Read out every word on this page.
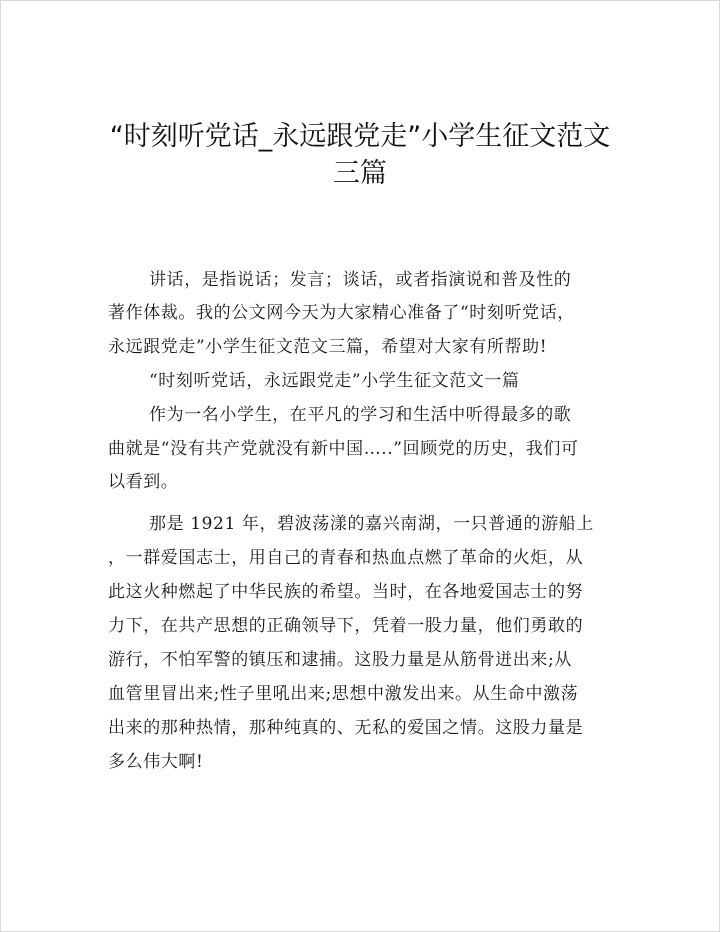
“时刻听党话_永远跟党走”小学生征文范文
三篇
讲话，是指说话；发言；谈话，或者指演说和普及性的
著作体裁。我的公文网今天为大家精心准备了“时刻听党话，
永远跟党走”小学生征文范文三篇，希望对大家有所帮助!
“时刻听党话，永远跟党走”小学生征文范文一篇
作为一名小学生，在平凡的学习和生活中听得最多的歌
曲就是“没有共产党就没有新中国…..”回顾党的历史，我们可
以看到。
那是 1921 年，碧波荡漾的嘉兴南湖，一只普通的游船上
，一群爱国志士，用自己的青春和热血点燃了革命的火炬，从
此这火种燃起了中华民族的希望。当时，在各地爱国志士的努
力下，在共产思想的正确领导下，凭着一股力量，他们勇敢的
游行，不怕军警的镇压和逮捕。这股力量是从筋骨迸出来;从
血管里冒出来;性子里吼出来;思想中激发出来。从生命中激荡
出来的那种热情，那种纯真的、无私的爱国之情。这股力量是
多么伟大啊!
